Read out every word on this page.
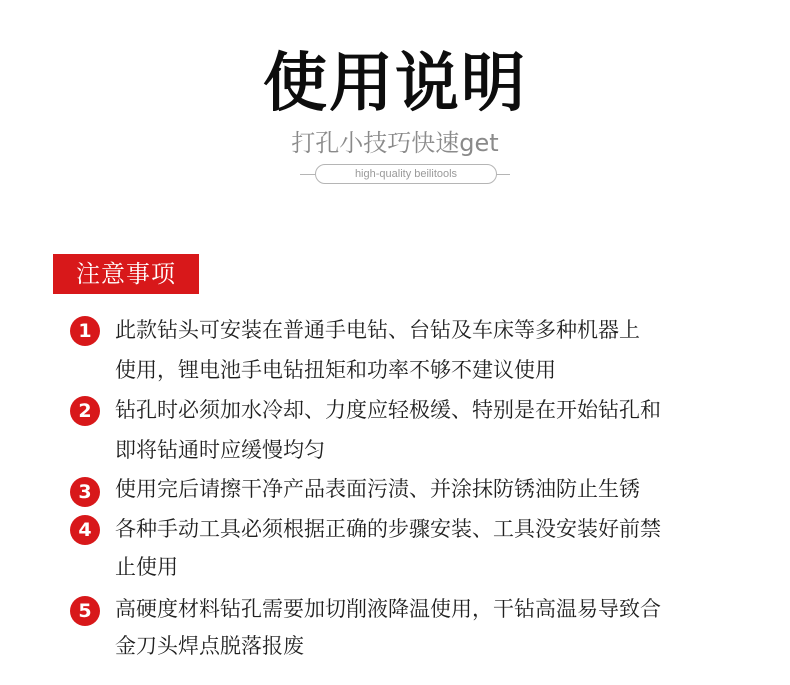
使用说明
打孔小技巧快速get
high-quality beilitools
注意事项
1	此款钻头可安装在普通手电钻、台钻及车床等多种机器上
使用，锂电池手电钻扭矩和功率不够不建议使用
2	钻孔时必须加水冷却、力度应轻极缓、特别是在开始钻孔和
即将钻通时应缓慢均匀
3	使用完后请擦干净产品表面污渍、并涂抹防锈油防止生锈
4	各种手动工具必须根据正确的步骤安装、工具没安装好前禁
止使用
5	高硬度材料钻孔需要加切削液降温使用，干钻高温易导致合
金刀头焊点脱落报废
